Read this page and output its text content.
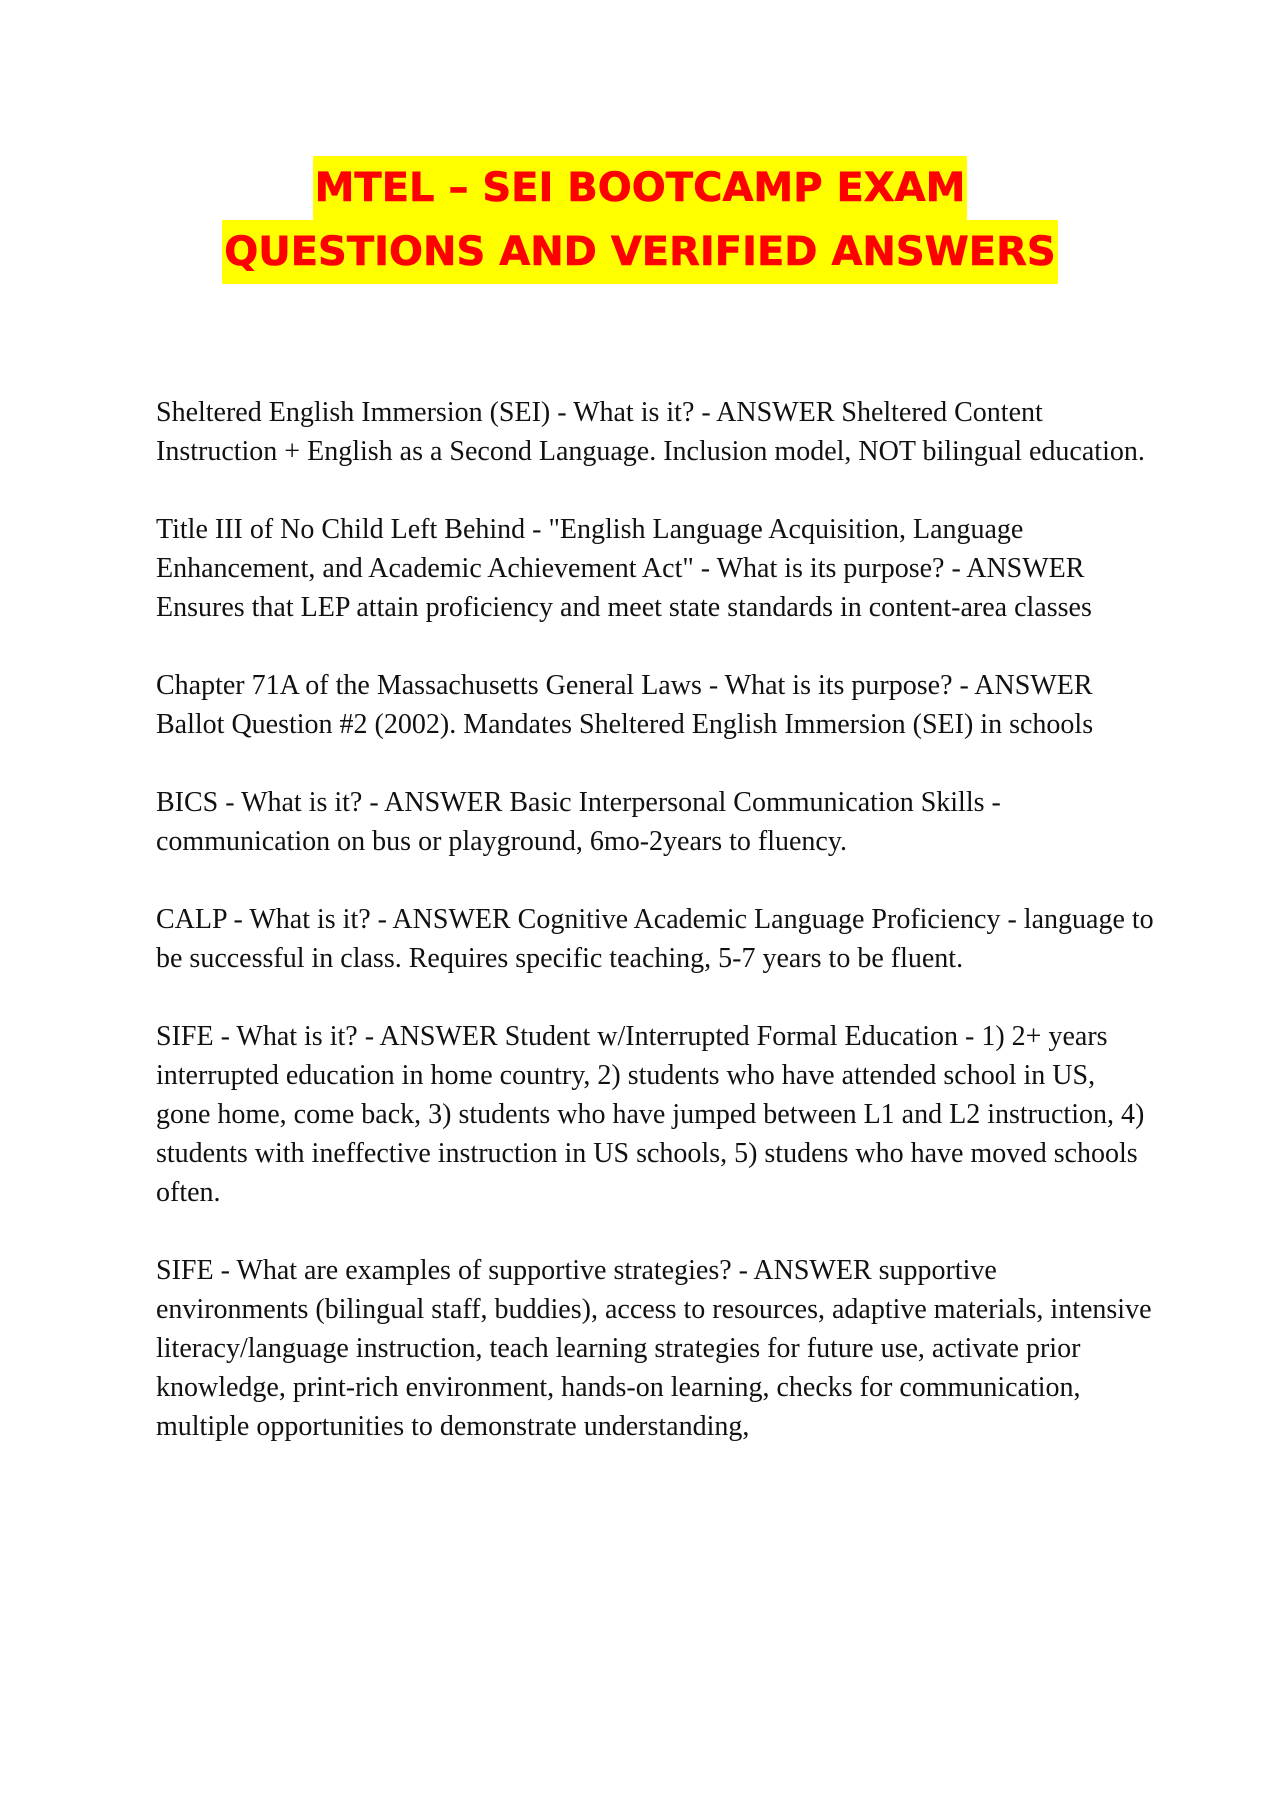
MTEL – SEI BOOTCAMP EXAM
QUESTIONS AND VERIFIED ANSWERS

Sheltered English Immersion (SEI) - What is it? - ANSWER Sheltered Content Instruction + English as a Second Language. Inclusion model, NOT bilingual education.

Title III of No Child Left Behind - "English Language Acquisition, Language Enhancement, and Academic Achievement Act" - What is its purpose? - ANSWER Ensures that LEP attain proficiency and meet state standards in content-area classes

Chapter 71A of the Massachusetts General Laws - What is its purpose? - ANSWER Ballot Question #2 (2002). Mandates Sheltered English Immersion (SEI) in schools

BICS - What is it? - ANSWER Basic Interpersonal Communication Skills - communication on bus or playground, 6mo-2years to fluency.

CALP - What is it? - ANSWER Cognitive Academic Language Proficiency - language to be successful in class. Requires specific teaching, 5-7 years to be fluent.

SIFE - What is it? - ANSWER Student w/Interrupted Formal Education - 1) 2+ years interrupted education in home country, 2) students who have attended school in US, gone home, come back, 3) students who have jumped between L1 and L2 instruction, 4) students with ineffective instruction in US schools, 5) studens who have moved schools often.

SIFE - What are examples of supportive strategies? - ANSWER supportive environments (bilingual staff, buddies), access to resources, adaptive materials, intensive literacy/language instruction, teach learning strategies for future use, activate prior knowledge, print-rich environment, hands-on learning, checks for communication, multiple opportunities to demonstrate understanding,
